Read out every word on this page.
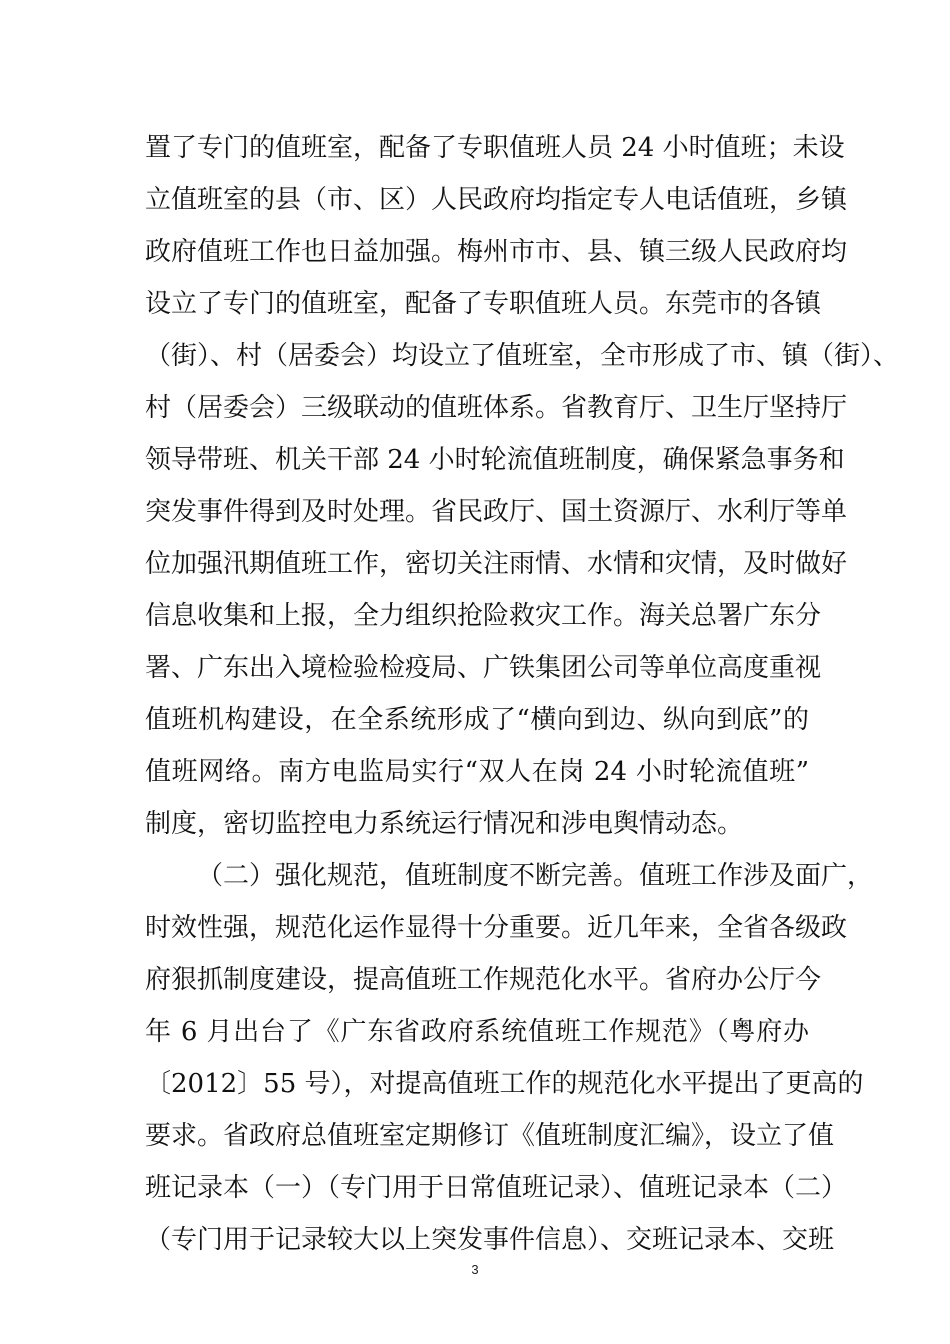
置了专门的值班室，配备了专职值班人员 24 小时值班；未设
立值班室的县（市、区）人民政府均指定专人电话值班，乡镇
政府值班工作也日益加强。梅州市市、县、镇三级人民政府均
设立了专门的值班室，配备了专职值班人员。东莞市的各镇
（街）、村（居委会）均设立了值班室，全市形成了市、镇（街）、
村（居委会）三级联动的值班体系。省教育厅、卫生厅坚持厅
领导带班、机关干部 24 小时轮流值班制度，确保紧急事务和
突发事件得到及时处理。省民政厅、国土资源厅、水利厅等单
位加强汛期值班工作，密切关注雨情、水情和灾情，及时做好
信息收集和上报，全力组织抢险救灾工作。海关总署广东分
署、广东出入境检验检疫局、广铁集团公司等单位高度重视
值班机构建设，在全系统形成了“横向到边、纵向到底”的
值班网络。南方电监局实行“双人在岗 24 小时轮流值班”
制度，密切监控电力系统运行情况和涉电舆情动态。
（二）强化规范，值班制度不断完善。值班工作涉及面广，
时效性强，规范化运作显得十分重要。近几年来，全省各级政
府狠抓制度建设，提高值班工作规范化水平。省府办公厅今
年 6 月出台了《广东省政府系统值班工作规范》（粤府办
〔2012〕55 号），对提高值班工作的规范化水平提出了更高的
要求。省政府总值班室定期修订《值班制度汇编》，设立了值
班记录本（一）（专门用于日常值班记录）、值班记录本（二）
（专门用于记录较大以上突发事件信息）、交班记录本、交班
3
